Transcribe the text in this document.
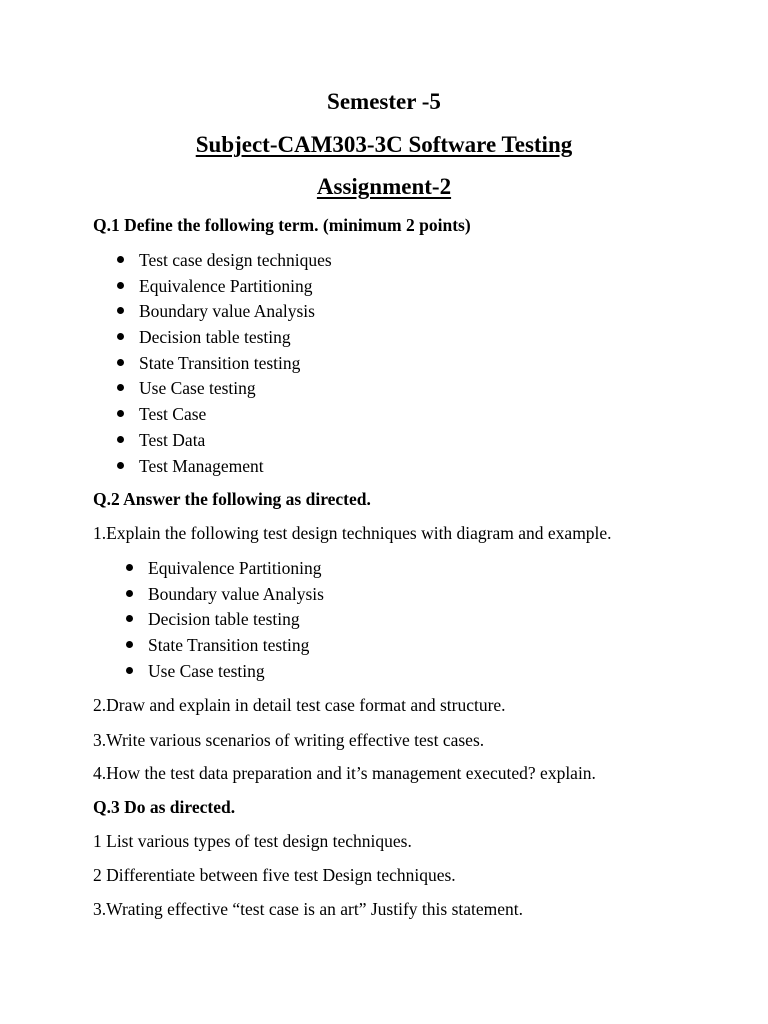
Semester -5
Subject-CAM303-3C Software Testing
Assignment-2

Q.1 Define the following term. (minimum 2 points)

Test case design techniques
Equivalence Partitioning
Boundary value Analysis
Decision table testing
State Transition testing
Use Case testing
Test Case
Test Data
Test Management

Q.2 Answer the following as directed.

1.Explain the following test design techniques with diagram and example.

Equivalence Partitioning
Boundary value Analysis
Decision table testing
State Transition testing
Use Case testing

2.Draw and explain in detail test case format and structure.

3.Write various scenarios of writing effective test cases.

4.How the test data preparation and it’s management executed? explain.

Q.3 Do as directed.

1 List various types of test design techniques.

2 Differentiate between five test Design techniques.

3.Wrating effective “test case is an art” Justify this statement.
